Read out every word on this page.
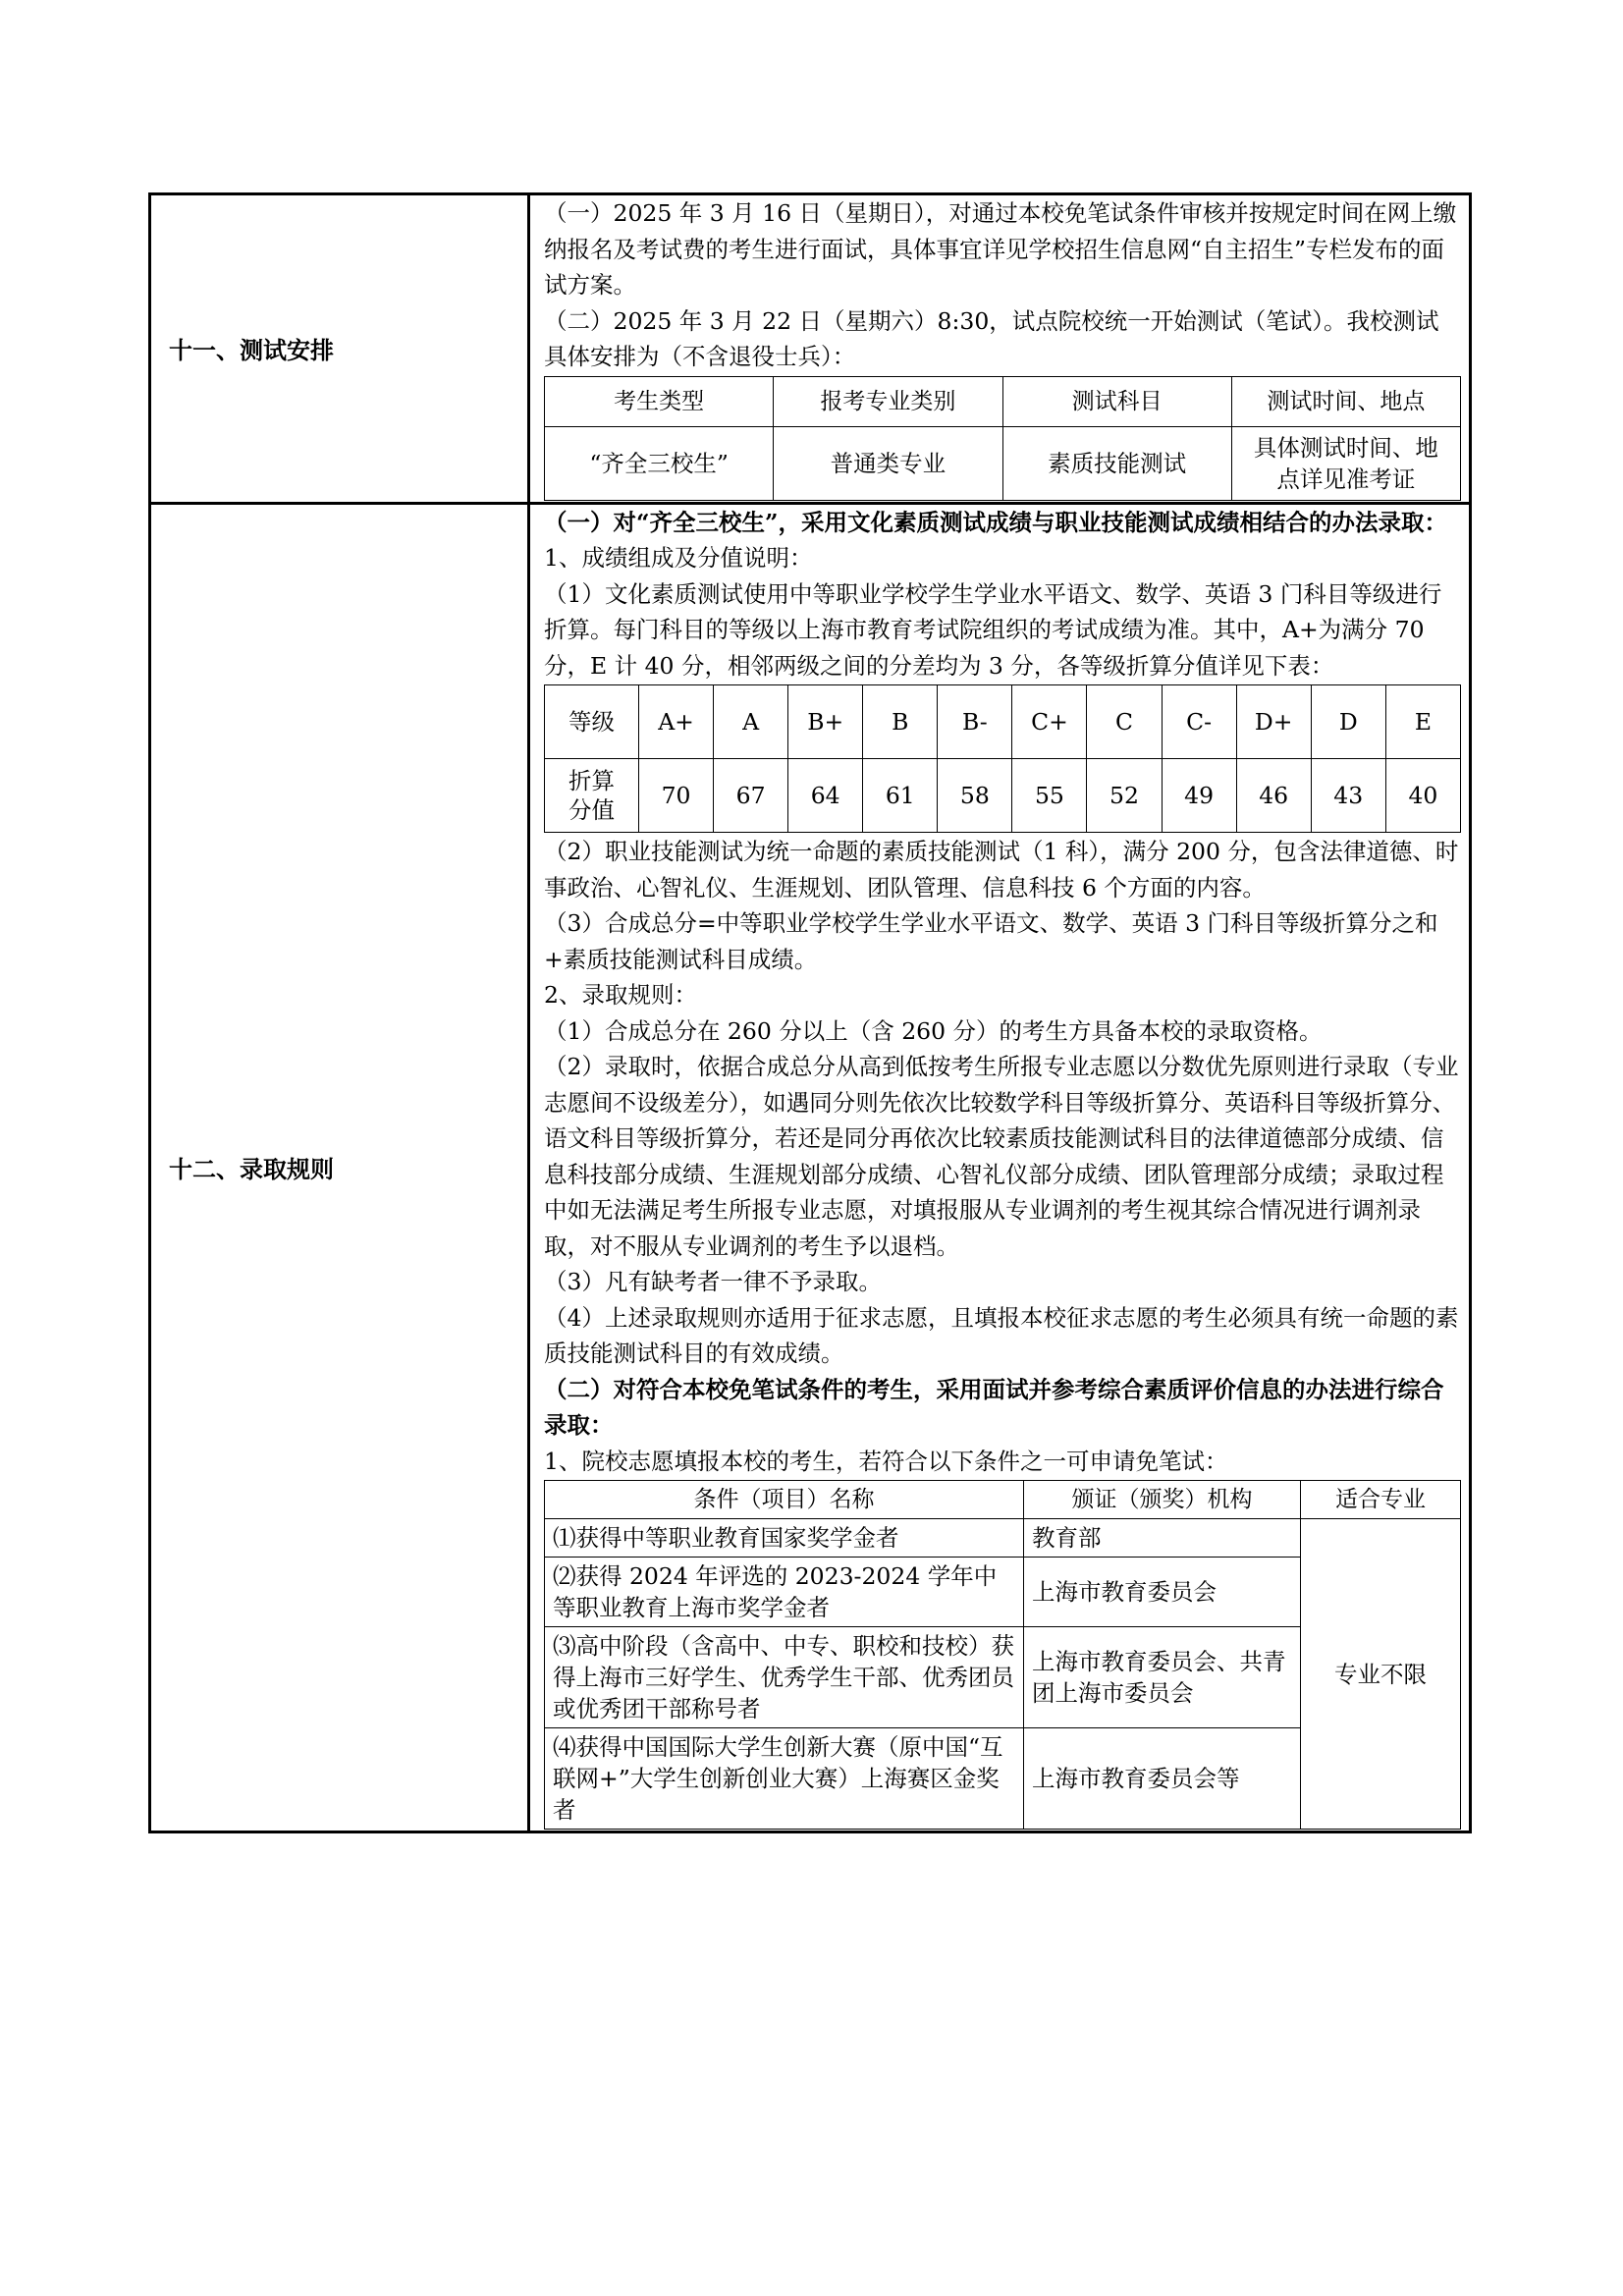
十一、测试安排	

（一）2025 年 3 月 16 日（星期日），对通过本校免笔试条件审核并按规定时间在网上缴纳报名及考试费的考生进行面试，具体事宜详见学校招生信息网“自主招生”专栏发布的面试方案。

（二）2025 年 3 月 22 日（星期六）8:30，试点院校统一开始测试（笔试）。我校测试具体安排为（不含退役士兵）：

考生类型	报考专业类别	测试科目	测试时间、地点
“齐全三校生”	普通类专业	素质技能测试	具体测试时间、地点详见准考证

十二、录取规则	

（一）对“齐全三校生”，采用文化素质测试成绩与职业技能测试成绩相结合的办法录取：

1、成绩组成及分值说明：

（1）文化素质测试使用中等职业学校学生学业水平语文、数学、英语 3 门科目等级进行折算。每门科目的等级以上海市教育考试院组织的考试成绩为准。其中，A+为满分 70 分，E 计 40 分，相邻两级之间的分差均为 3 分，各等级折算分值详见下表：

等级	A+	A	B+	B	B-	C+	C	C-	D+	D	E
折算分值	70	67	64	61	58	55	52	49	46	43	40

（2）职业技能测试为统一命题的素质技能测试（1 科），满分 200 分，包含法律道德、时事政治、心智礼仪、生涯规划、团队管理、信息科技 6 个方面的内容。

（3）合成总分=中等职业学校学生学业水平语文、数学、英语 3 门科目等级折算分之和+素质技能测试科目成绩。

2、录取规则：

（1）合成总分在 260 分以上（含 260 分）的考生方具备本校的录取资格。

（2）录取时，依据合成总分从高到低按考生所报专业志愿以分数优先原则进行录取（专业志愿间不设级差分），如遇同分则先依次比较数学科目等级折算分、英语科目等级折算分、语文科目等级折算分，若还是同分再依次比较素质技能测试科目的法律道德部分成绩、信息科技部分成绩、生涯规划部分成绩、心智礼仪部分成绩、团队管理部分成绩；录取过程中如无法满足考生所报专业志愿，对填报服从专业调剂的考生视其综合情况进行调剂录取，对不服从专业调剂的考生予以退档。

（3）凡有缺考者一律不予录取。

（4）上述录取规则亦适用于征求志愿，且填报本校征求志愿的考生必须具有统一命题的素质技能测试科目的有效成绩。

（二）对符合本校免笔试条件的考生，采用面试并参考综合素质评价信息的办法进行综合录取：

1、院校志愿填报本校的考生，若符合以下条件之一可申请免笔试：

条件（项目）名称	颁证（颁奖）机构	适合专业
⑴获得中等职业教育国家奖学金者	教育部	专业不限
⑵获得 2024 年评选的 2023-2024 学年中等职业教育上海市奖学金者	上海市教育委员会
⑶高中阶段（含高中、中专、职校和技校）获得上海市三好学生、优秀学生干部、优秀团员或优秀团干部称号者	上海市教育委员会、共青团上海市委员会
⑷获得中国国际大学生创新大赛（原中国“互联网+”大学生创新创业大赛）上海赛区金奖者	上海市教育委员会等
